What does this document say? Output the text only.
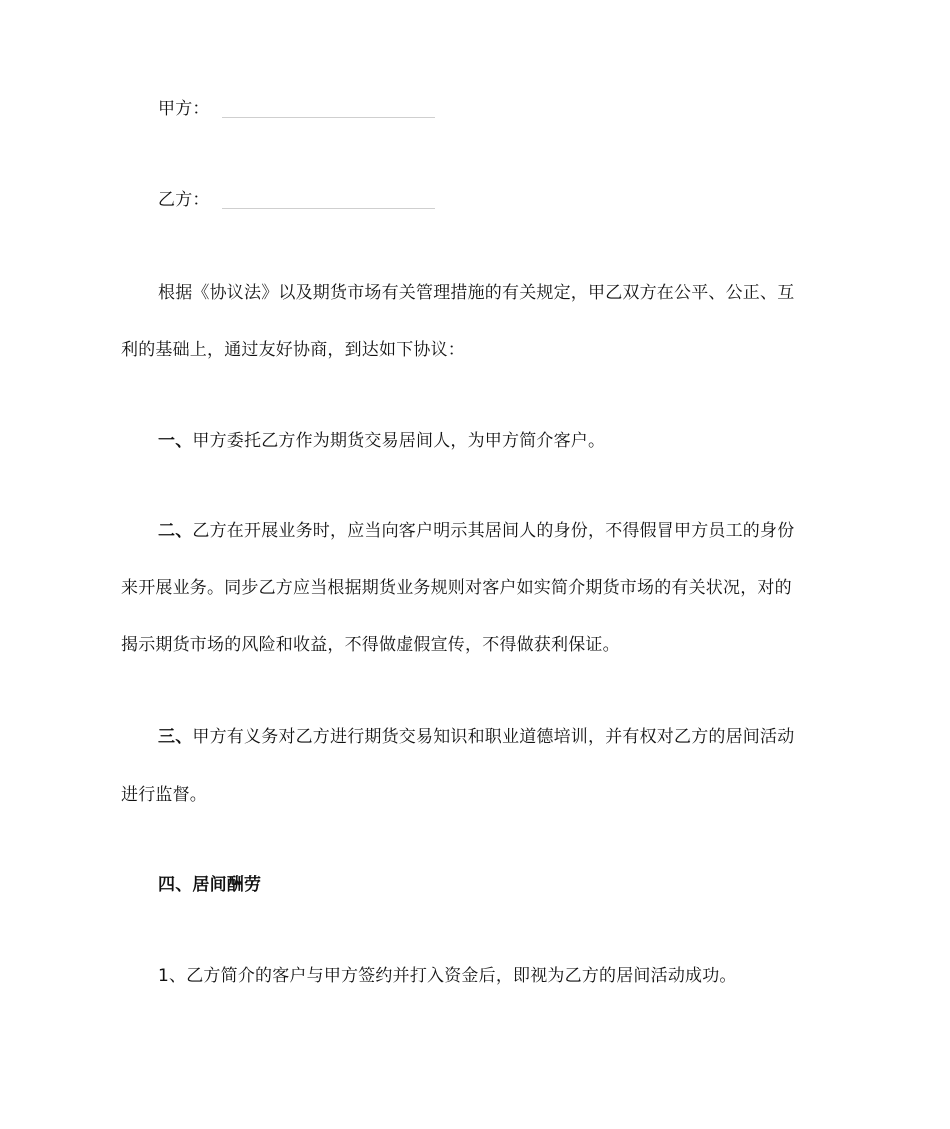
甲方：
乙方：
根据《协议法》以及期货市场有关管理措施的有关规定，甲乙双方在公平、公正、互
利的基础上，通过友好协商，到达如下协议：
一、甲方委托乙方作为期货交易居间人，为甲方简介客户。
二、乙方在开展业务时，应当向客户明示其居间人的身份，不得假冒甲方员工的身份
来开展业务。同步乙方应当根据期货业务规则对客户如实简介期货市场的有关状况，对的
揭示期货市场的风险和收益，不得做虚假宣传，不得做获利保证。
三、甲方有义务对乙方进行期货交易知识和职业道德培训，并有权对乙方的居间活动
进行监督。
四、居间酬劳
1、乙方简介的客户与甲方签约并打入资金后，即视为乙方的居间活动成功。
